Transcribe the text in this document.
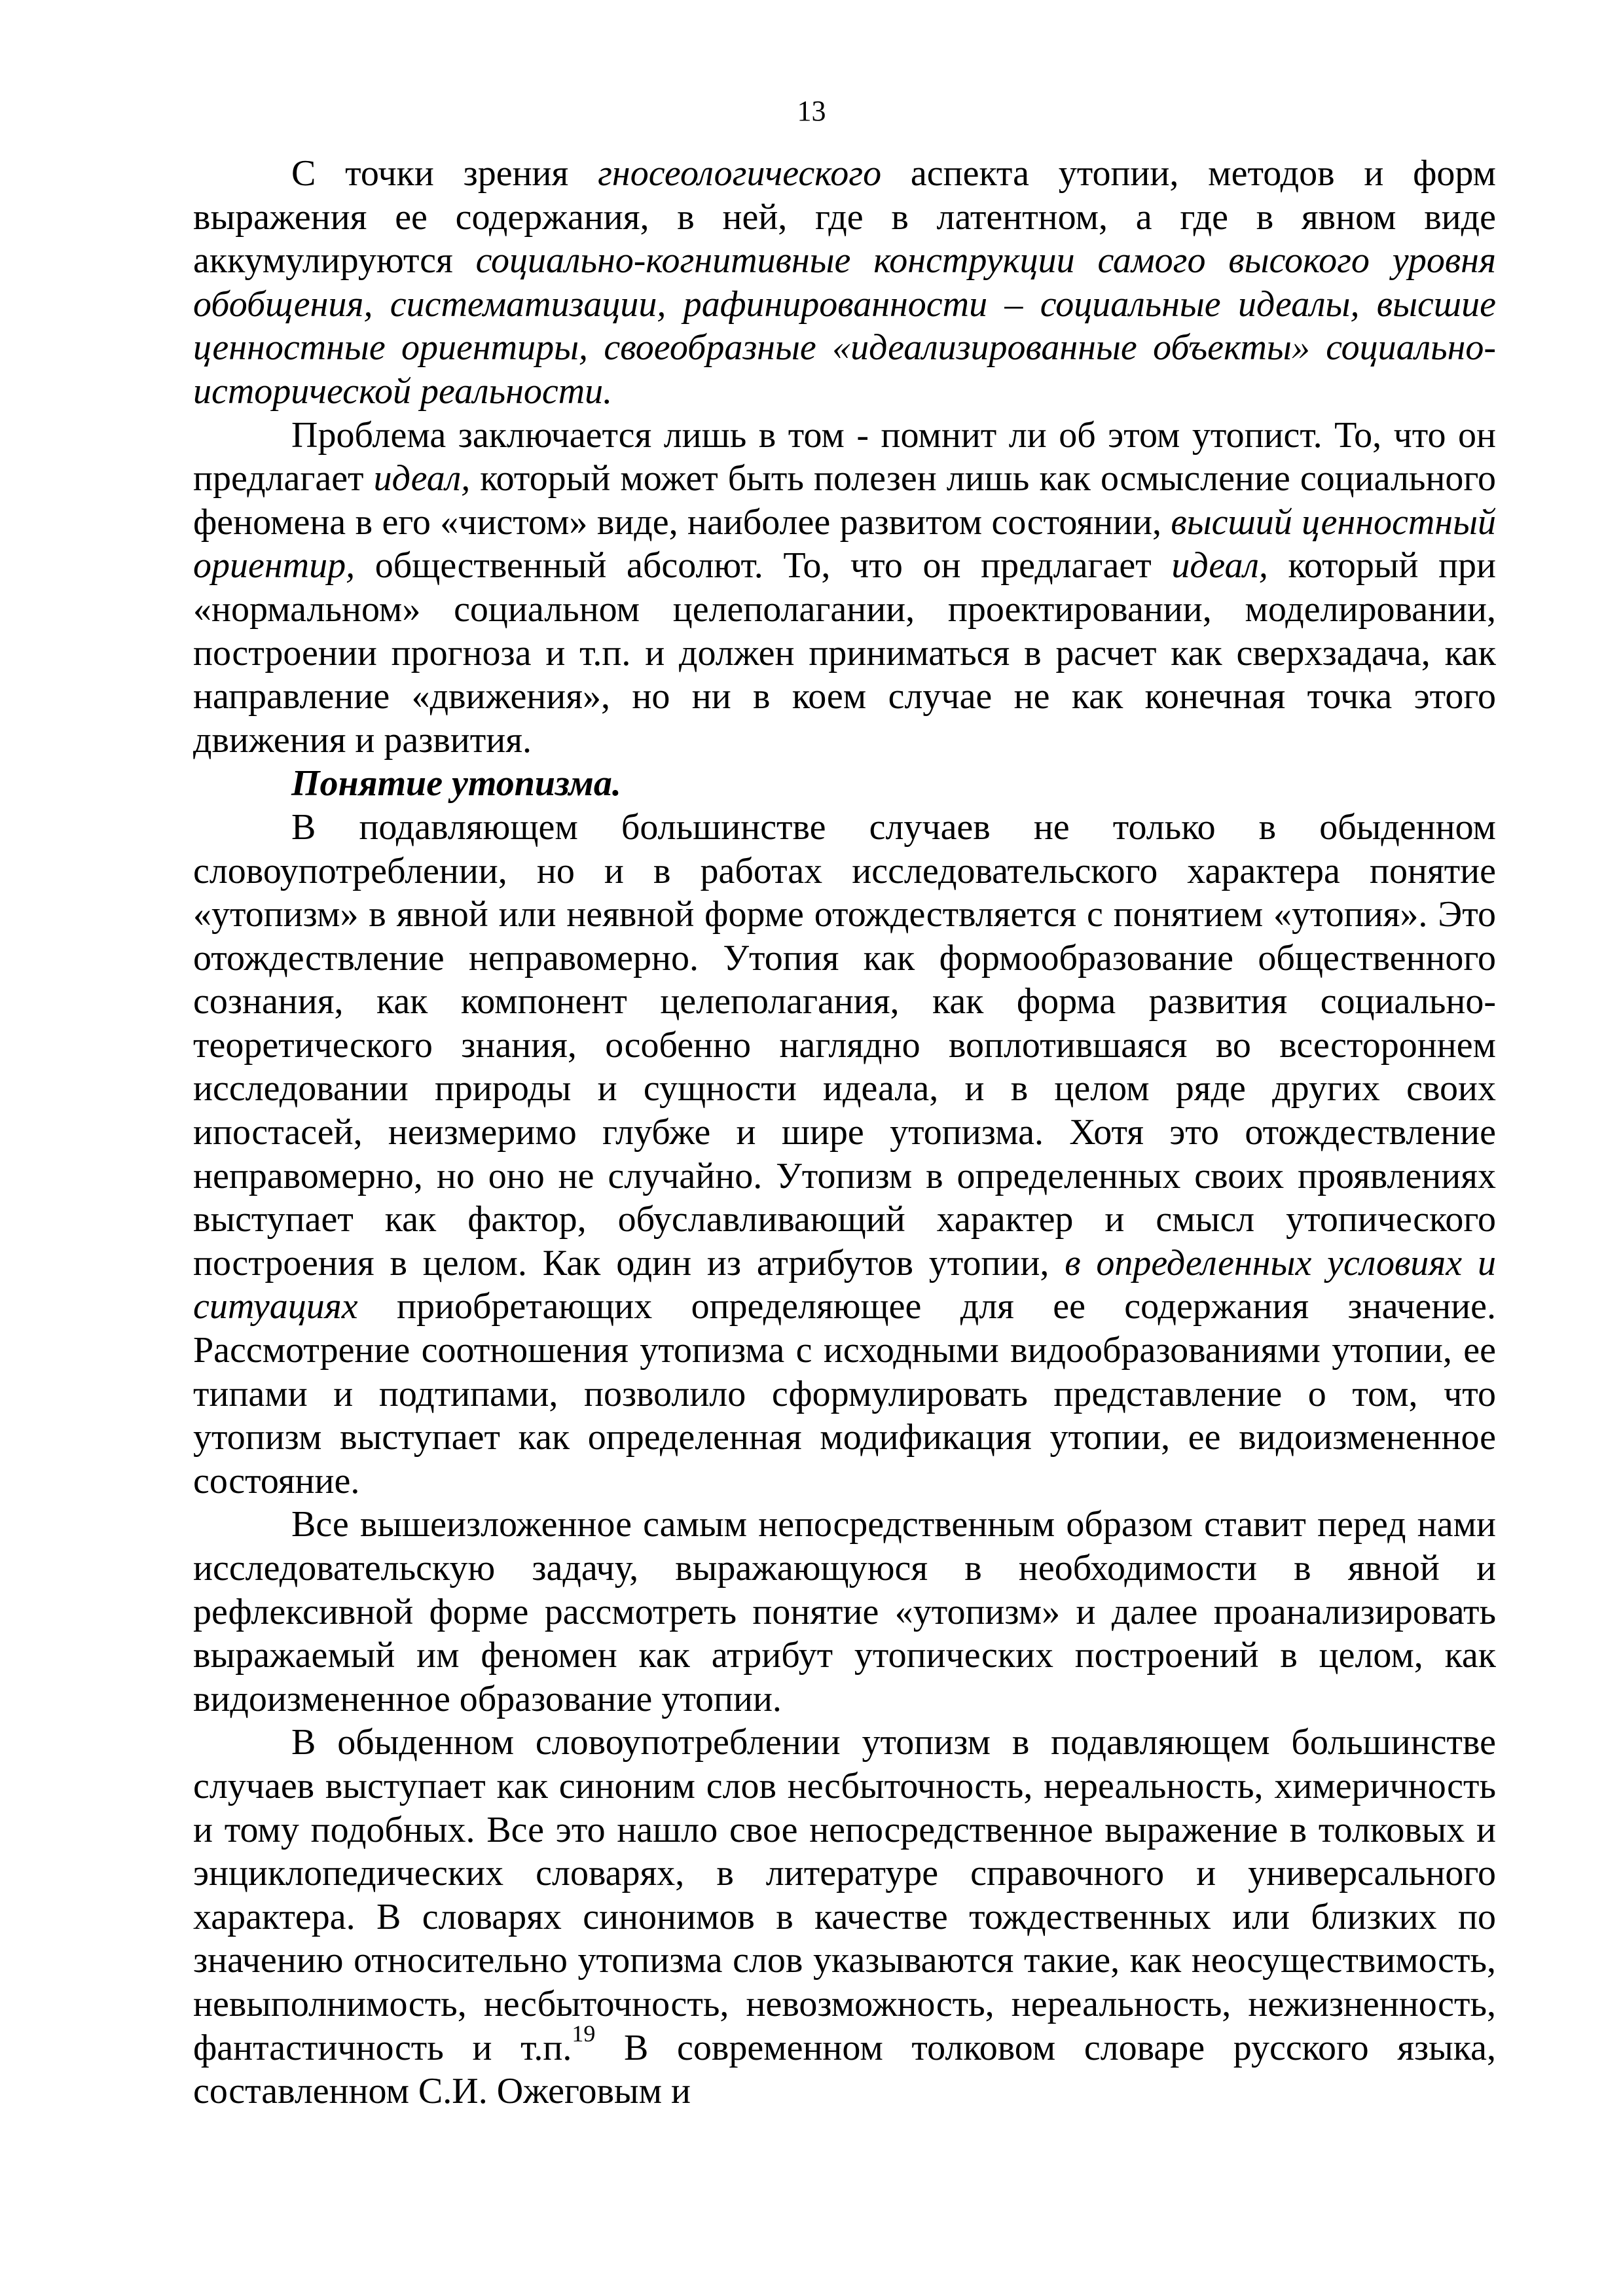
13

С точки зрения гносеологического аспекта утопии, методов и форм выражения ее содержания, в ней, где в латентном, а где в явном виде аккумулируются социально-когнитивные конструкции самого высокого уровня обобщения, систематизации, рафинированности – социальные идеалы, высшие ценностные ориентиры, своеобразные «идеализированные объекты» социально-исторической реальности.

Проблема заключается лишь в том - помнит ли об этом утопист. То, что он предлагает идеал, который может быть полезен лишь как осмысление социального феномена в его «чистом» виде, наиболее развитом состоянии, высший ценностный ориентир, общественный абсолют. То, что он предлагает идеал, который при «нормальном» социальном целеполагании, проектировании, моделировании, построении прогноза и т.п. и должен приниматься в расчет как сверхзадача, как направление «движения», но ни в коем случае не как конечная точка этого движения и развития.

Понятие утопизма.

В подавляющем большинстве случаев не только в обыденном словоупотреблении, но и в работах исследовательского характера понятие «утопизм» в явной или неявной форме отождествляется с понятием «утопия». Это отождествление неправомерно. Утопия как формообразование общественного сознания, как компонент целеполагания, как форма развития социально-теоретического знания, особенно наглядно воплотившаяся во всестороннем исследовании природы и сущности идеала, и в целом ряде других своих ипостасей, неизмеримо глубже и шире утопизма. Хотя это отождествление неправомерно, но оно не случайно. Утопизм в определенных своих проявлениях выступает как фактор, обуславливающий характер и смысл утопического построения в целом. Как один из атрибутов утопии, в определенных условиях и ситуациях приобретающих определяющее для ее содержания значение. Рассмотрение соотношения утопизма с исходными видообразованиями утопии, ее типами и подтипами, позволило сформулировать представление о том, что утопизм выступает как определенная модификация утопии, ее видоизмененное состояние.

Все вышеизложенное самым непосредственным образом ставит перед нами исследовательскую задачу, выражающуюся в необходимости в явной и рефлексивной форме рассмотреть понятие «утопизм» и далее проанализировать выражаемый им феномен как атрибут утопических построений в целом, как видоизмененное образование утопии.

В обыденном словоупотреблении утопизм в подавляющем большинстве случаев выступает как синоним слов несбыточность, нереальность, химеричность и тому подобных. Все это нашло свое непосредственное выражение в толковых и энциклопедических словарях, в литературе справочного и универсального характера. В словарях синонимов в качестве тождественных или близких по значению относительно утопизма слов указываются такие, как неосуществимость, невыполнимость, несбыточность, невозможность, нереальность, нежизненность, фантастичность и т.п.$^{19}$ В современном толковом словаре русского языка, составленном С.И. Ожеговым и
